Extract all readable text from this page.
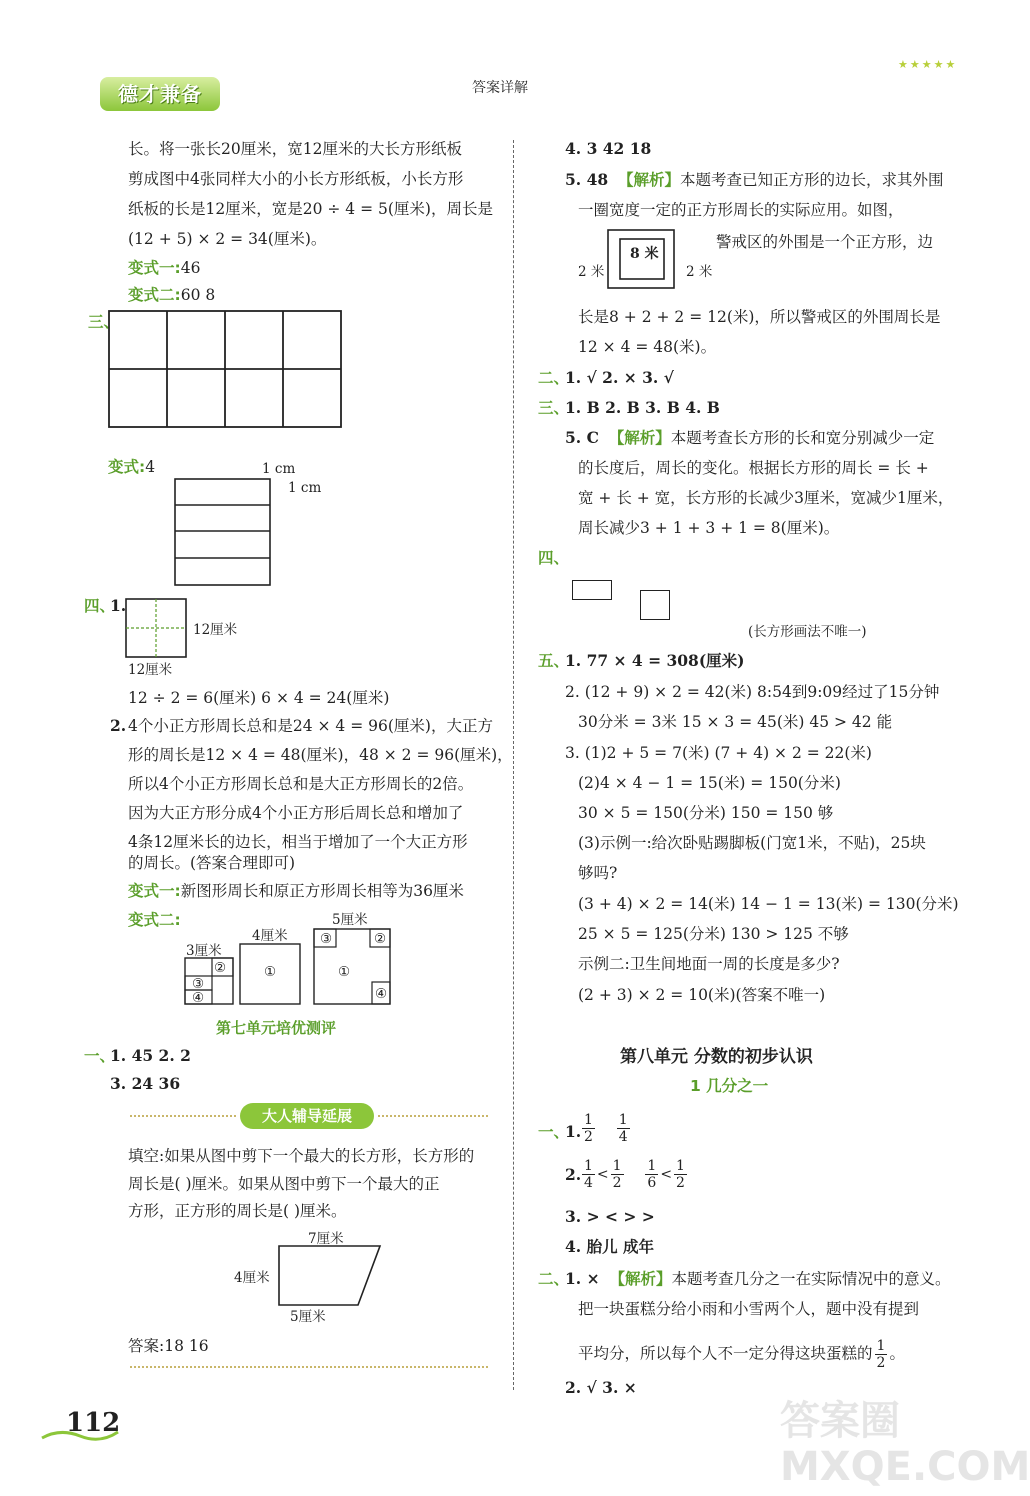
德才兼备	答案详解
★★★★★
长。将一张长20厘米，宽12厘米的大长方形纸板
剪成图中4张同样大小的小长方形纸板，小长方形
纸板的长是12厘米，宽是20 ÷ 4 = 5(厘米)，周长是
(12 + 5) × 2 = 34(厘米)。
变式一:46
变式二:60 8
三、
变式:4	1 cm
1 cm
四、
1.
12厘米
12厘米
12 ÷ 2 = 6(厘米) 6 × 4 = 24(厘米)
2. 4个小正方形周长总和是24 × 4 = 96(厘米)，大正方
形的周长是12 × 4 = 48(厘米)，48 × 2 = 96(厘米)，
所以4个小正方形周长总和是大正方形周长的2倍。
因为大正方形分成4个小正方形后周长总和增加了
4条12厘米长的边长，相当于增加了一个大正方形
的周长。(答案合理即可)
变式一:新图形周长和原正方形周长相等为36厘米
变式二:
3厘米
4厘米
5厘米
②
③
④
①
③	②
①
④
第七单元培优测评
一、
1. 45 2. 2
3. 24 36
大人辅导延展
填空:如果从图中剪下一个最大的长方形，长方形的
周长是( )厘米。如果从图中剪下一个最大的正
方形，正方形的周长是( )厘米。
7厘米
4厘米
5厘米
答案:18 16
4. 3 42 18
5. 48 【解析】本题考查已知正方形的边长，求其外围
一圈宽度一定的正方形周长的实际应用。如图，
8 米
2 米	2 米
警戒区的外围是一个正方形，边
长是8 + 2 + 2 = 12(米)，所以警戒区的外围周长是
12 × 4 = 48(米)。
二、
1. √ 2. × 3. √
三、
1. B 2. B 3. B 4. B
5. C 【解析】本题考查长方形的长和宽分别减少一定
的长度后，周长的变化。根据长方形的周长 = 长 +
宽 + 长 + 宽，长方形的长减少3厘米，宽减少1厘米，
周长减少3 + 1 + 3 + 1 = 8(厘米)。
四、
(长方形画法不唯一)
五、
1. 77 × 4 = 308(厘米)
2. (12 + 9) × 2 = 42(米) 8:54到9:09经过了15分钟
30分米 = 3米 15 × 3 = 45(米) 45 > 42 能
3. (1)2 + 5 = 7(米) (7 + 4) × 2 = 22(米)
(2)4 × 4 − 1 = 15(米) = 150(分米)
30 × 5 = 150(分米) 150 = 150 够
(3)示例一:给次卧贴踢脚板(门宽1米，不贴)，25块
够吗?
(3 + 4) × 2 = 14(米) 14 − 1 = 13(米) = 130(分米)
25 × 5 = 125(分米) 130 > 125 不够
示例二:卫生间地面一周的长度是多少?
(2 + 3) × 2 = 10(米)(答案不唯一)
第八单元 分数的初步认识
1 几分之一
一、
1. $\frac{1}{2}$
$\frac{1}{4}$
2. $\frac{1}{4} < \frac{1}{2}$
$\frac{1}{6} < \frac{1}{2}$
3. > < > >
4. 胎儿 成年
二、
1. × 【解析】本题考查几分之一在实际情况中的意义。
把一块蛋糕分给小雨和小雪两个人，题中没有提到
平均分，所以每个人不一定分得这块蛋糕的 $\frac{1}{2}$ 。
2. √ 3. ×
112	答案圈 MXQE.COM
